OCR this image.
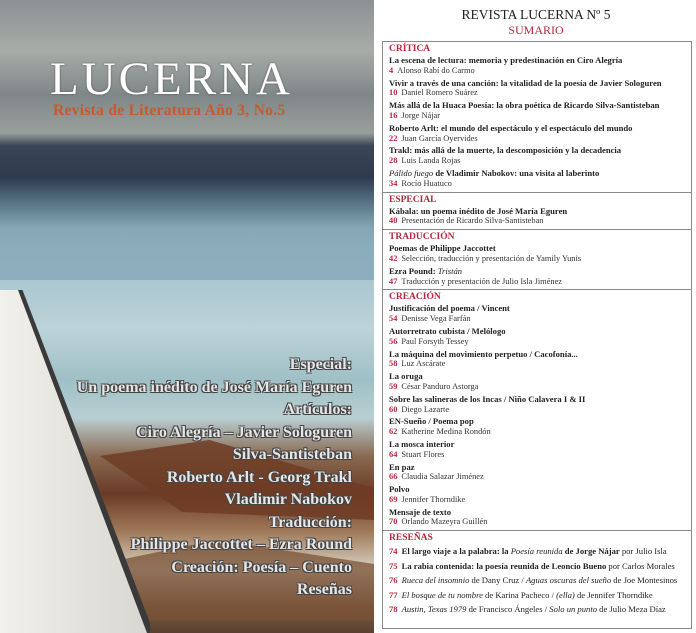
LUCERNA
Revista de Literatura Año 3, No.5
Especial:
Un poema inédito de José María Eguren
Artículos:
Ciro Alegría – Javier Sologuren
Silva-Santisteban
Roberto Arlt - Georg Trakl
Vladimir Nabokov
Traducción:
Philippe Jaccottet – Ezra Round
Creación: Poesía – Cuento
Reseñas
REVISTA LUCERNA Nº 5
SUMARIO
CRÍTICA
La escena de lectura: memoria y predestinación en Ciro Alegría
4 Alonso Rabí do Carmo
Vivir a través de una canción: la vitalidad de la poesía de Javier Sologuren
10 Daniel Romero Suárez
Más allá de la Huaca Poesía: la obra poética de Ricardo Silva-Santisteban
16 Jorge Nájar
Roberto Arlt: el mundo del espectáculo y el espectáculo del mundo
22 Juan García Oyervides
Trakl: más allá de la muerte, la descomposición y la decadencia
28 Luis Landa Rojas
Pálido fuego de Vladimir Nabokov: una visita al laberinto
34 Rocío Huatuco
ESPECIAL
Kábala: un poema inédito de José María Eguren
40 Presentación de Ricardo Silva-Santisteban
TRADUCCIÓN
Poemas de Philippe Jaccottet
42 Selección, traducción y presentación de Yamily Yunis
Ezra Pound: Tristán
47 Traducción y presentación de Julio Isla Jiménez
CREACIÓN
Justificación del poema / Vincent
54 Denisse Vega Farfán
Autorretrato cubista / Melólogo
56 Paul Forsyth Tessey
La máquina del movimiento perpetuo / Cacofonía...
58 Luz Ascárate
La oruga
59 César Panduro Astorga
Sobre las salineras de los Incas / Niño Calavera I & II
60 Diego Lazarte
EN-Sueño / Poema pop
62 Katherine Medina Rondón
La mosca interior
64 Stuart Flores
En paz
66 Claudia Salazar Jiménez
Polvo
69 Jennifer Thorndike
Mensaje de texto
70 Orlando Mazeyra Guillén
RESEÑAS
74 El largo viaje a la palabra: la Poesía reunida de Jorge Nájar por Julio Isla
75 La rabia contenida: la poesía reunida de Leoncio Bueno por Carlos Morales
76 Rueca del insomnio de Dany Cruz / Aguas oscuras del sueño de Joe Montesinos
77 El bosque de tu nombre de Karina Pacheco / (ella) de Jennifer Thorndike
78 Austin, Texas 1979 de Francisco Ángeles / Solo un punto de Julio Meza Díaz
